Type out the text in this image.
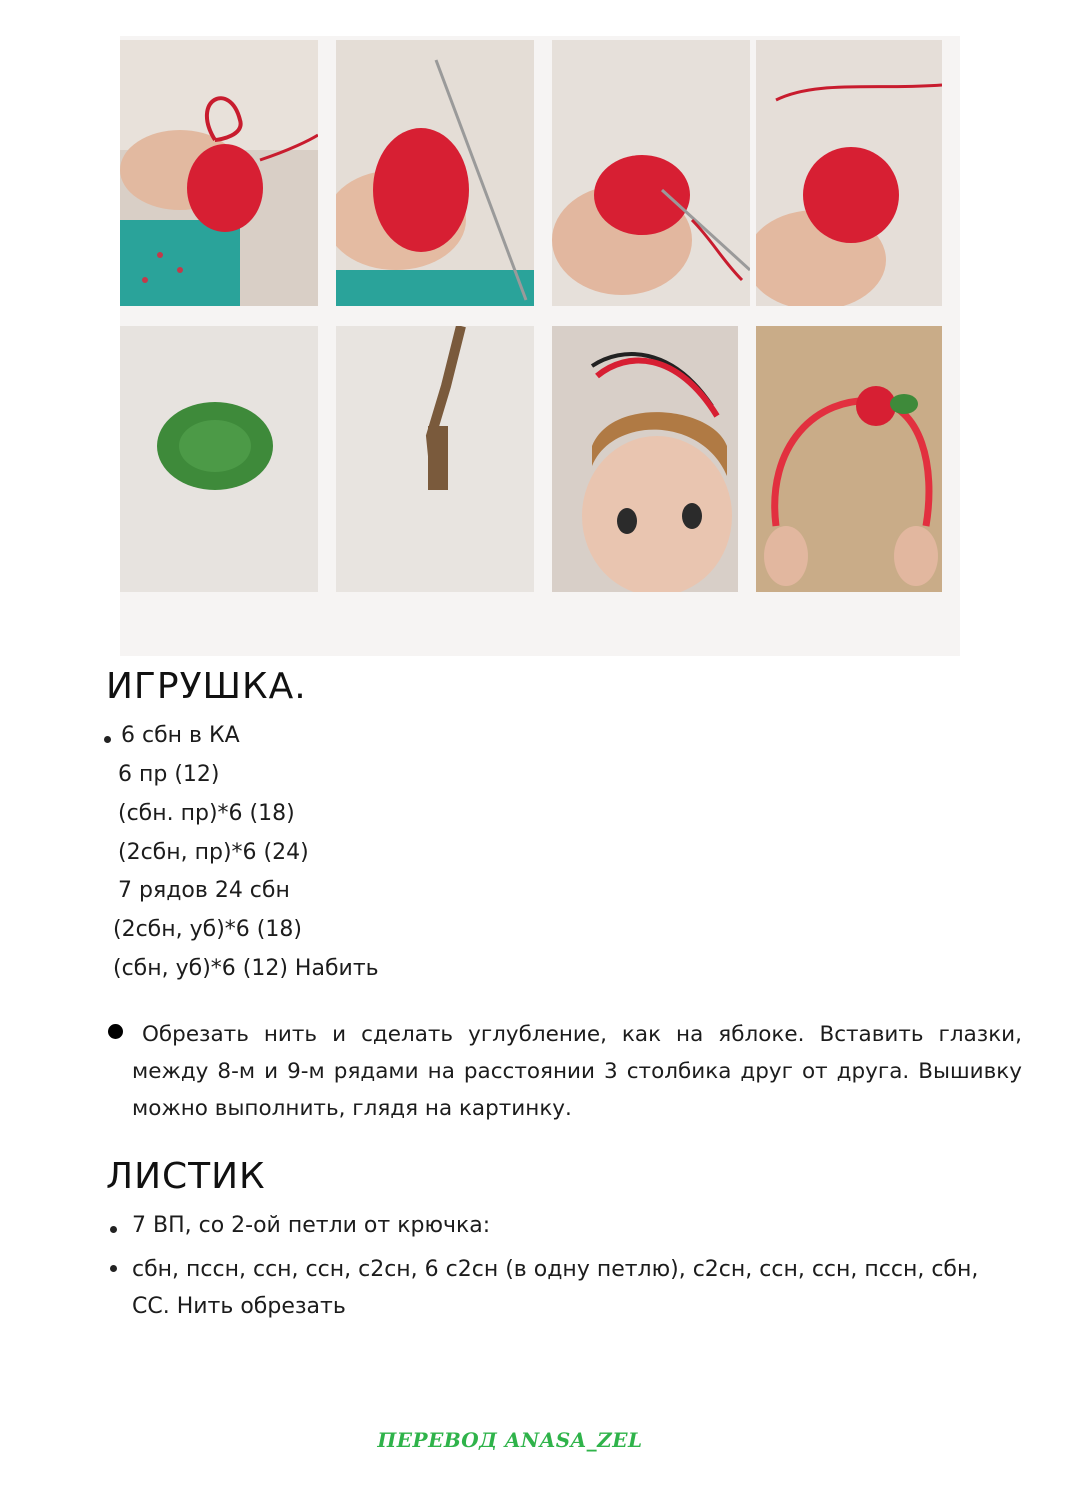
ИГРУШКА.
6 сбн в КА
6 пр (12)
(сбн. пр)*6 (18)
(2сбн, пр)*6 (24)
7 рядов 24 сбн
(2сбн, уб)*6 (18)
(сбн, уб)*6 (12) Набить
Обрезать нить и сделать углубление, как на яблоке. Вставить глазки, между 8-м и 9-м рядами на расстоянии 3 столбика друг от друга. Вышивку можно выполнить, глядя на картинку.
ЛИСТИК
7 ВП, со 2-ой петли от крючка:
сбн, пссн, ссн, ссн, с2сн, 6 с2сн (в одну петлю), с2сн, ссн, ссн, пссн, сбн, СС. Нить обрезать
ПЕРЕВОД ANASA_ZEL
